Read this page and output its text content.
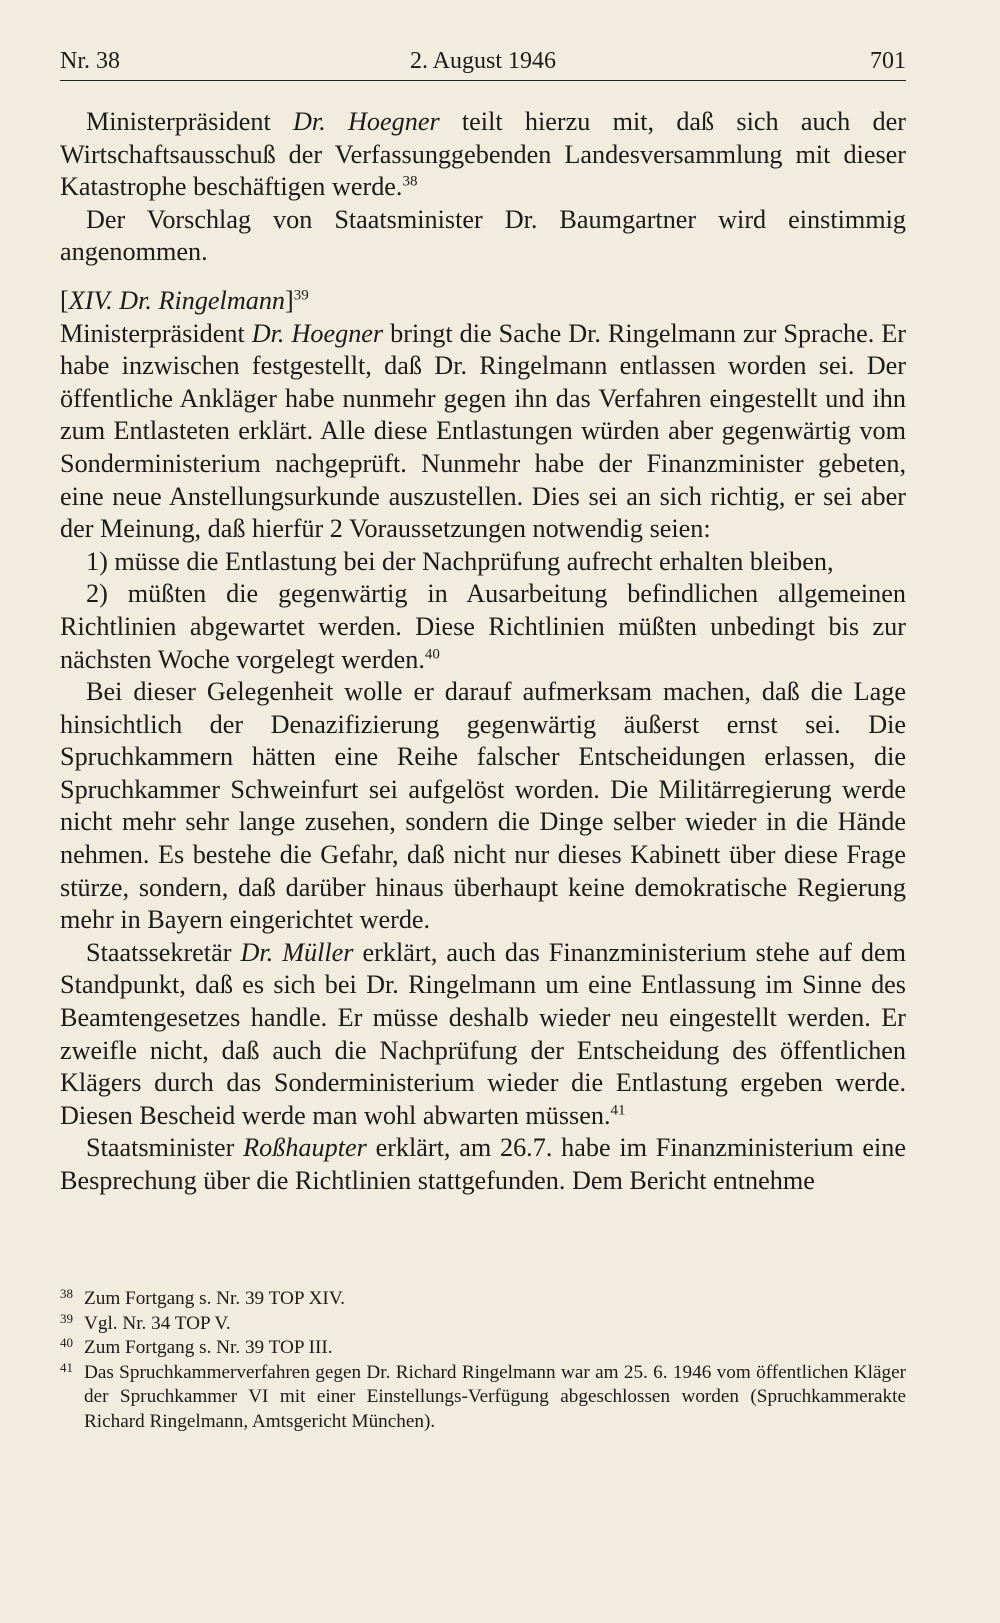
Nr. 38	2. August 1946	701

Ministerpräsident Dr. Hoegner teilt hierzu mit, daß sich auch der Wirtschaftsausschuß der Verfassunggebenden Landesversammlung mit dieser Katastrophe beschäftigen werde.$^{38}$

Der Vorschlag von Staatsminister Dr. Baumgartner wird einstimmig angenommen.

[XIV. Dr. Ringelmann]$^{39}$

Ministerpräsident Dr. Hoegner bringt die Sache Dr. Ringelmann zur Sprache. Er habe inzwischen festgestellt, daß Dr. Ringelmann entlassen worden sei. Der öffentliche Ankläger habe nunmehr gegen ihn das Verfahren eingestellt und ihn zum Entlasteten erklärt. Alle diese Entlastungen würden aber gegenwärtig vom Sonderministerium nachgeprüft. Nunmehr habe der Finanzminister gebeten, eine neue Anstellungsurkunde auszustellen. Dies sei an sich richtig, er sei aber der Meinung, daß hierfür 2 Voraussetzungen notwendig seien:

1) müsse die Entlastung bei der Nachprüfung aufrecht erhalten bleiben,

2) müßten die gegenwärtig in Ausarbeitung befindlichen allgemeinen Richtlinien abgewartet werden. Diese Richtlinien müßten unbedingt bis zur nächsten Woche vorgelegt werden.$^{40}$

Bei dieser Gelegenheit wolle er darauf aufmerksam machen, daß die Lage hinsichtlich der Denazifizierung gegenwärtig äußerst ernst sei. Die Spruchkammern hätten eine Reihe falscher Entscheidungen erlassen, die Spruchkammer Schweinfurt sei aufgelöst worden. Die Militärregierung werde nicht mehr sehr lange zusehen, sondern die Dinge selber wieder in die Hände nehmen. Es bestehe die Gefahr, daß nicht nur dieses Kabinett über diese Frage stürze, sondern, daß darüber hinaus überhaupt keine demokratische Regierung mehr in Bayern eingerichtet werde.

Staatssekretär Dr. Müller erklärt, auch das Finanzministerium stehe auf dem Standpunkt, daß es sich bei Dr. Ringelmann um eine Entlassung im Sinne des Beamtengesetzes handle. Er müsse deshalb wieder neu eingestellt werden. Er zweifle nicht, daß auch die Nachprüfung der Entscheidung des öffentlichen Klägers durch das Sonderministerium wieder die Entlastung ergeben werde. Diesen Bescheid werde man wohl abwarten müssen.$^{41}$

Staatsminister Roßhaupter erklärt, am 26.7. habe im Finanzministerium eine Besprechung über die Richtlinien stattgefunden. Dem Bericht entnehme

38 Zum Fortgang s. Nr. 39 TOP XIV.
39 Vgl. Nr. 34 TOP V.
40 Zum Fortgang s. Nr. 39 TOP III.
41 Das Spruchkammerverfahren gegen Dr. Richard Ringelmann war am 25. 6. 1946 vom öffentlichen Kläger der Spruchkammer VI mit einer Einstellungs-Verfügung abgeschlossen worden (Spruchkammerakte Richard Ringelmann, Amtsgericht München).
